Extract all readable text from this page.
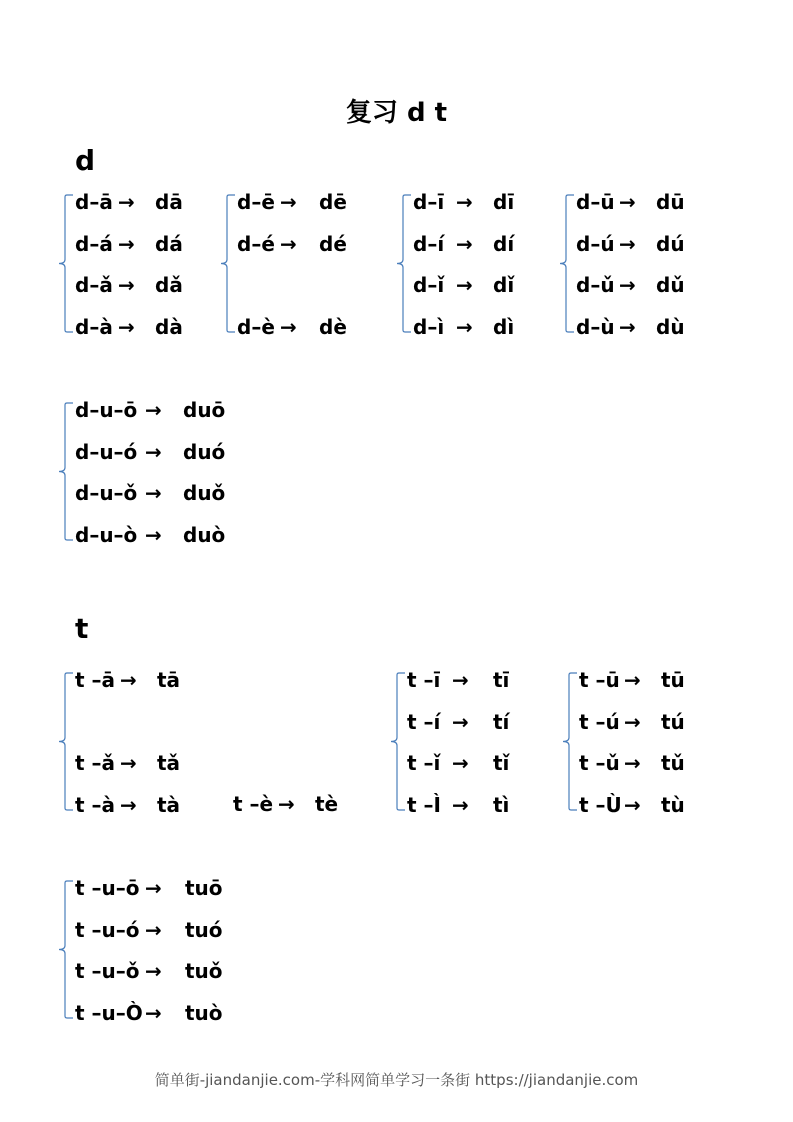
复习 d t
d
t
d–ā → dā
d–á → dá
d–ǎ → dǎ
d–à → dà
d–ē → dē
d–é → dé
d–è → dè
d–ī → dī
d–í → dí
d–ǐ → dǐ
d–ì → dì
d–ū → dū
d–ú → dú
d–ǔ → dǔ
d–ù → dù
d–u–ō → duō
d–u–ó → duó
d–u–ǒ → duǒ
d–u–ò → duò
t –ā → tā
t –ǎ → tǎ
t –à → tà	t –è → tè
t –ī → tī
t –í → tí
t –ǐ → tǐ
t –Ì → tì
t –ū → tū
t –ú → tú
t –ǔ → tǔ
t –Ù → tù
t –u–ō → tuō
t –u–ó → tuó
t –u–ǒ → tuǒ
t –u–Ò → tuò
简单街-jiandanjie.com-学科网简单学习一条街 https://jiandanjie.com
